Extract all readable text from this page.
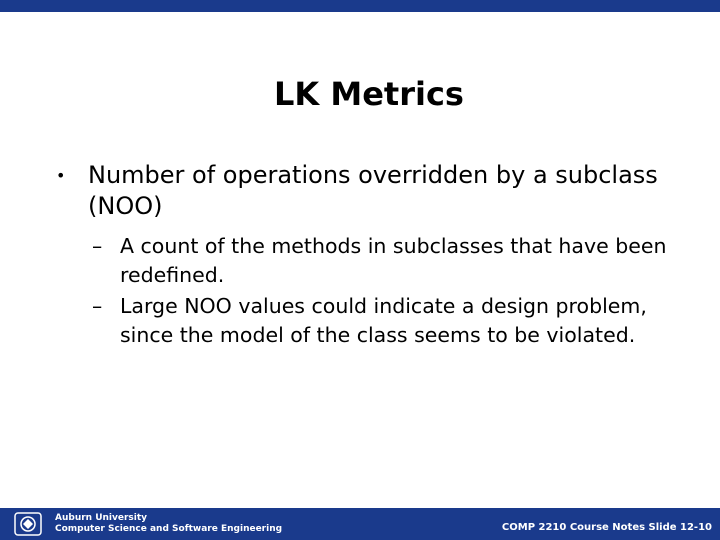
LK Metrics
• Number of operations overridden by a subclass (NOO)
– A count of the methods in subclasses that have been redefined.
– Large NOO values could indicate a design problem, since the model of the class seems to be violated.
Auburn University
Computer Science and Software Engineering	COMP 2210 Course Notes Slide 12-10
